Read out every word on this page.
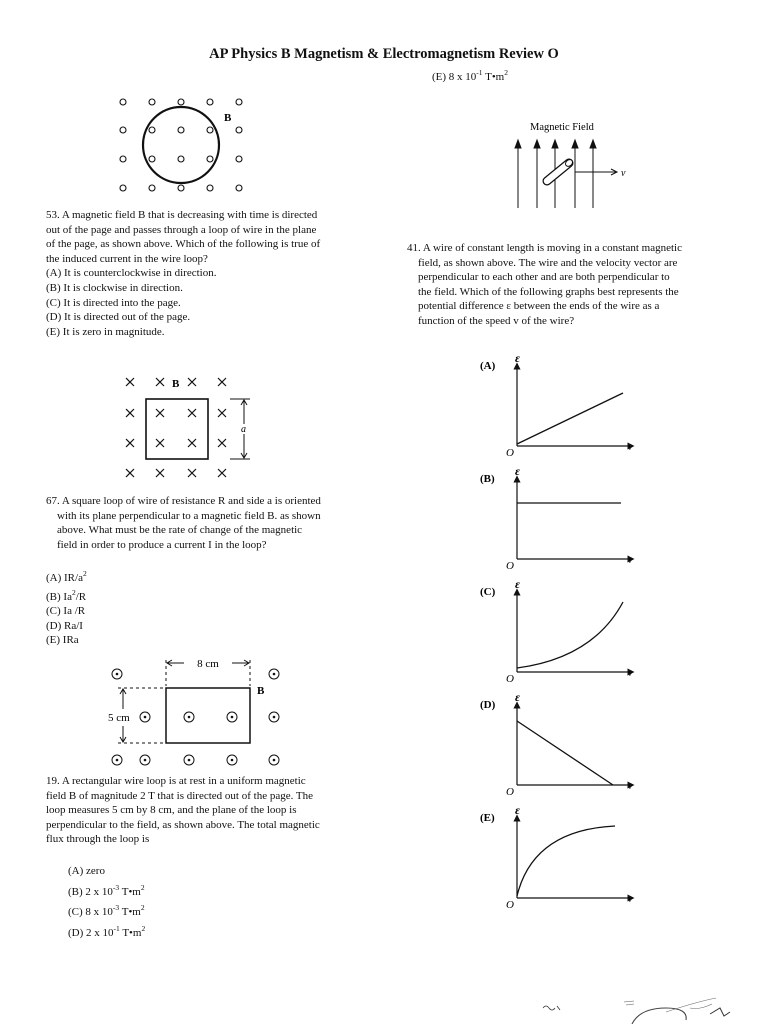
AP Physics B Magnetism & Electromagnetism Review O
(E) 8 x $10^{-1}$ $T•m^2$
B
53. A magnetic field B that is decreasing with time is directed
out of the page and passes through a loop of wire in the plane
of the page, as shown above. Which of the following is true of
the induced current in the wire loop?
(A) It is counterclockwise in direction.
(B) It is clockwise in direction.
(C) It is directed into the page.
(D) It is directed out of the page.
(E) It is zero in magnitude.
B
a
67. A square loop of wire of resistance R and side a is oriented
with its plane perpendicular to a magnetic field B. as shown
above. What must be the rate of change of the magnetic
field in order to produce a current I in the loop?
(A) $IR/a^2$
(B) Ia$^2$/R
(C) Ia /R
(D) Ra/I
(E) IRa
8 cm
5 cm
B
19. A rectangular wire loop is at rest in a uniform magnetic
field B of magnitude 2 T that is directed out of the page. The
loop measures 5 cm by 8 cm, and the plane of the loop is
perpendicular to the field, as shown above. The total magnetic
flux through the loop is
(A) zero
(B) 2 x $10^{-3}$ $T•m^2$
(C) 8 x $10^{-3}$ $T•m^2$
(D) 2 x $10^{-1}$ $T•m^2$
Magnetic Field
v
41. A wire of constant length is moving in a constant magnetic
field, as shown above. The wire and the velocity vector are
perpendicular to each other and are both perpendicular to
the field. Which of the following graphs best represents the
potential difference ε between the ends of the wire as a
function of the speed v of the wire?
(A)
ε
v
O
(B)
ε
v
O
(C)
ε
v
O
(D)
ε
v
O
(E)
ε
v
O
